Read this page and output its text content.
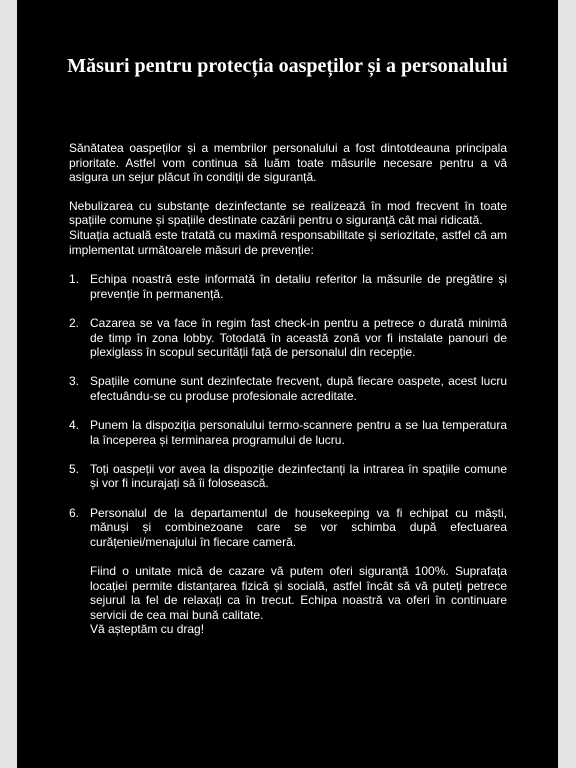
Măsuri pentru protecția oaspeților și a personalului

Sănătatea oaspeților și a membrilor personalului a fost dintotdeauna principala prioritate. Astfel vom continua să luăm toate măsurile necesare pentru a vă asigura un sejur plăcut în condiții de siguranță.

Nebulizarea cu substanțe dezinfectante se realizează în mod frecvent în toate spațiile comune și spațiile destinate cazării pentru o siguranță cât mai ridicată.

Situația actuală este tratată cu maximă responsabilitate și seriozitate, astfel că am implementat următoarele măsuri de prevenție:

1. Echipa noastră este informată în detaliu referitor la măsurile de pregătire și prevenție în permanență.
2. Cazarea se va face în regim fast check-in pentru a petrece o durată minimă de timp în zona lobby. Totodată în această zonă vor fi instalate panouri de plexiglass în scopul securității față de personalul din recepție.
3. Spațiile comune sunt dezinfectate frecvent, după fiecare oaspete, acest lucru efectuându-se cu produse profesionale acreditate.
4. Punem la dispoziția personalului termo-scannere pentru a se lua temperatura la începerea și terminarea programului de lucru.
5. Toți oaspeții vor avea la dispoziție dezinfectanți la intrarea în spațiile comune și vor fi incurajați să îi folosească.
6. Personalul de la departamentul de housekeeping va fi echipat cu măști, mănuși și combinezoane care se vor schimba după efectuarea curățeniei/menajului în fiecare cameră.

Fiind o unitate mică de cazare vă putem oferi siguranță 100%. Suprafața locației permite distanțarea fizică și socială, astfel încât să vă puteți petrece sejurul la fel de relaxați ca în trecut. Echipa noastră va oferi în continuare servicii de cea mai bună calitate.

Vă așteptăm cu drag!
